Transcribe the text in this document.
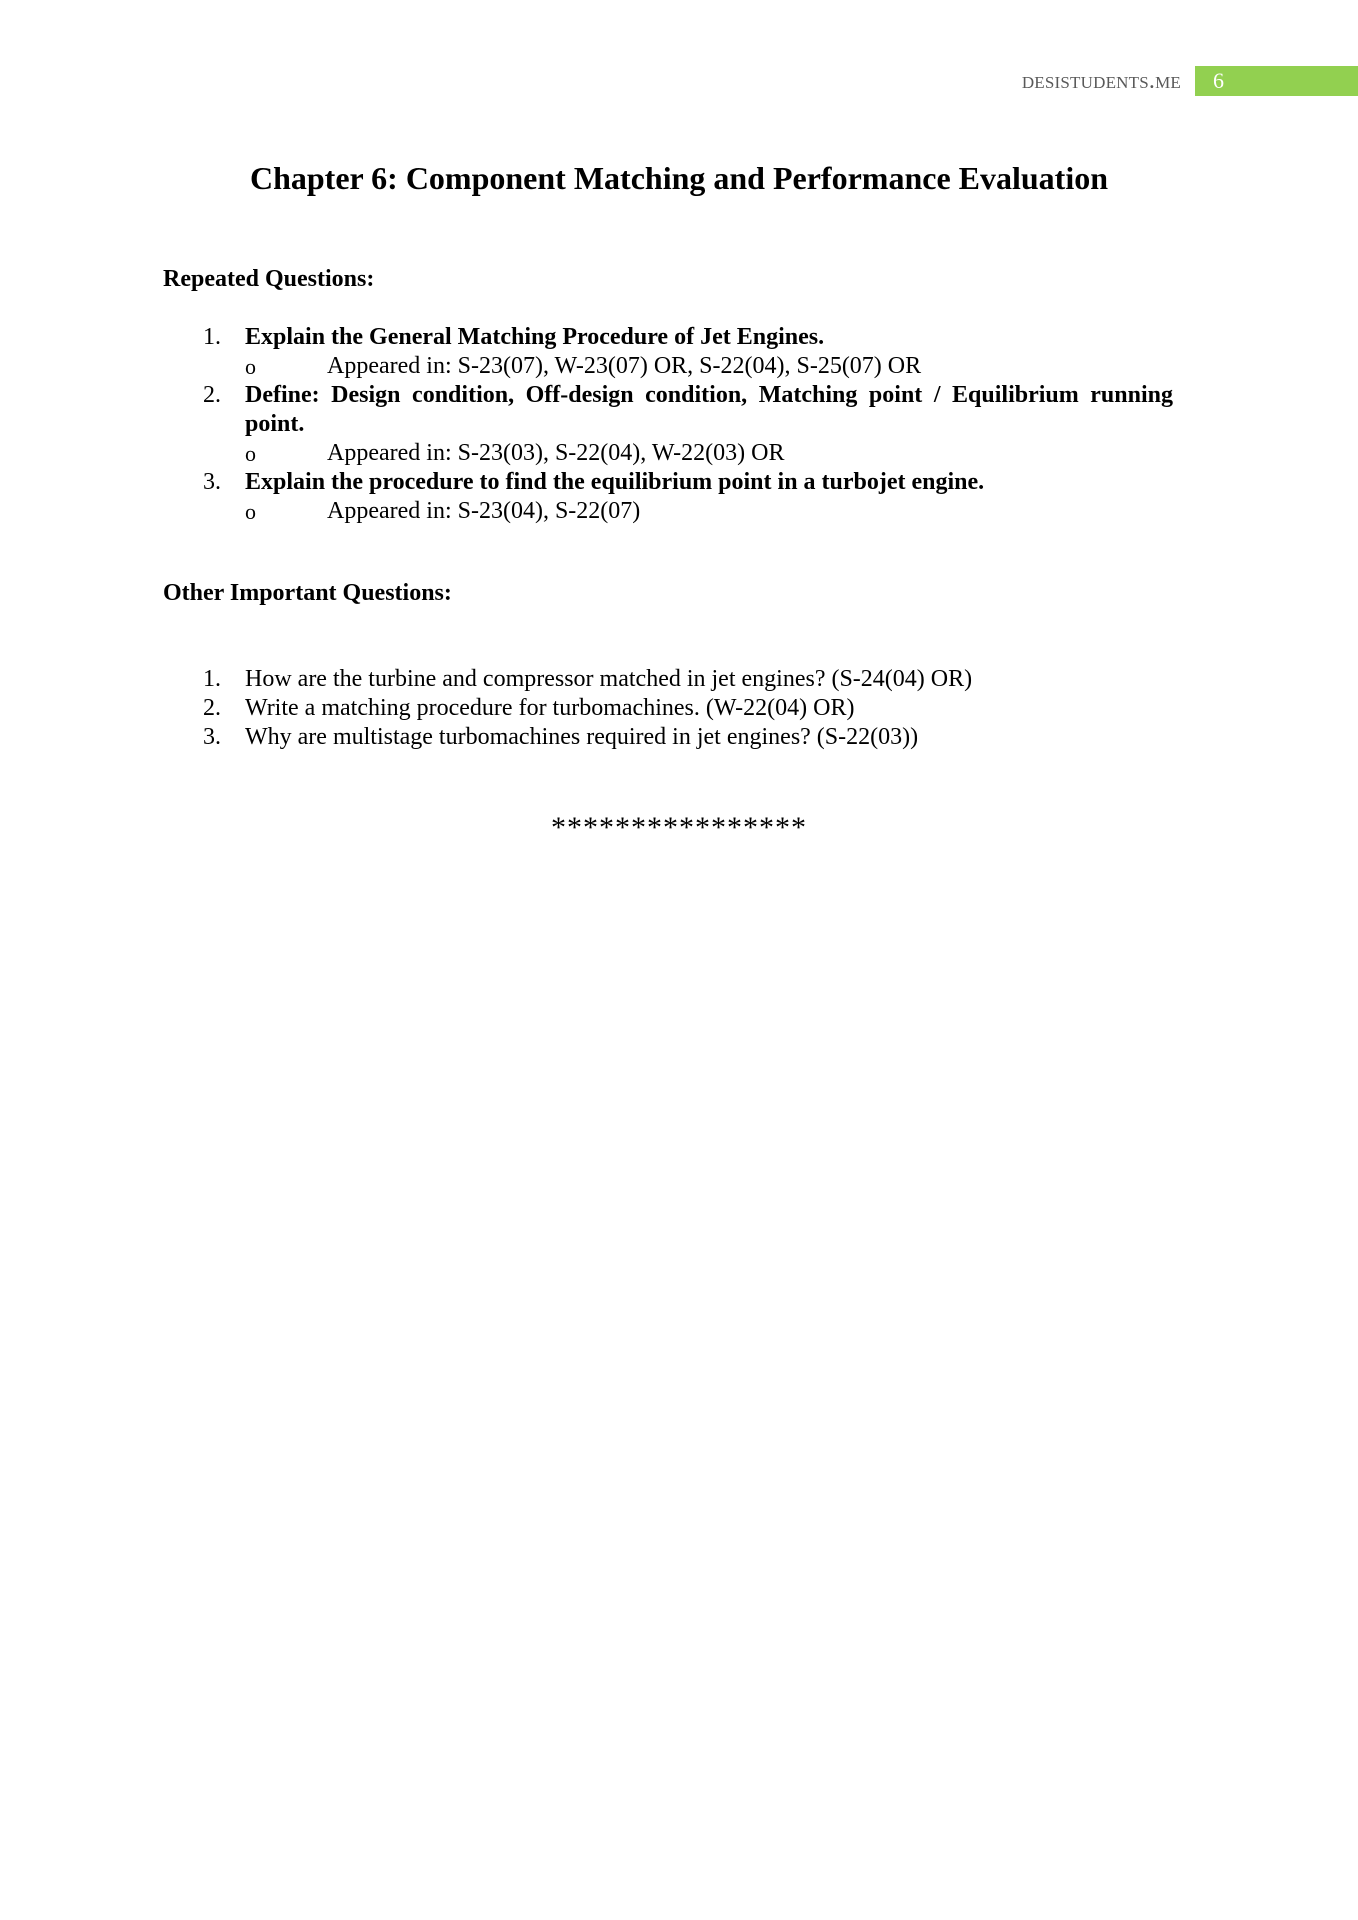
desistudents.me 6
Chapter 6: Component Matching and Performance Evaluation
Repeated Questions:
1.	Explain the General Matching Procedure of Jet Engines.
o	Appeared in: S-23(07), W-23(07) OR, S-22(04), S-25(07) OR
2.	Define: Design condition, Off-design condition, Matching point / Equilibrium running point.
o	Appeared in: S-23(03), S-22(04), W-22(03) OR
3.	Explain the procedure to find the equilibrium point in a turbojet engine.
o	Appeared in: S-23(04), S-22(07)
Other Important Questions:
1.	How are the turbine and compressor matched in jet engines? (S-24(04) OR)
2.	Write a matching procedure for turbomachines. (W-22(04) OR)
3.	Why are multistage turbomachines required in jet engines? (S-22(03))
****************
